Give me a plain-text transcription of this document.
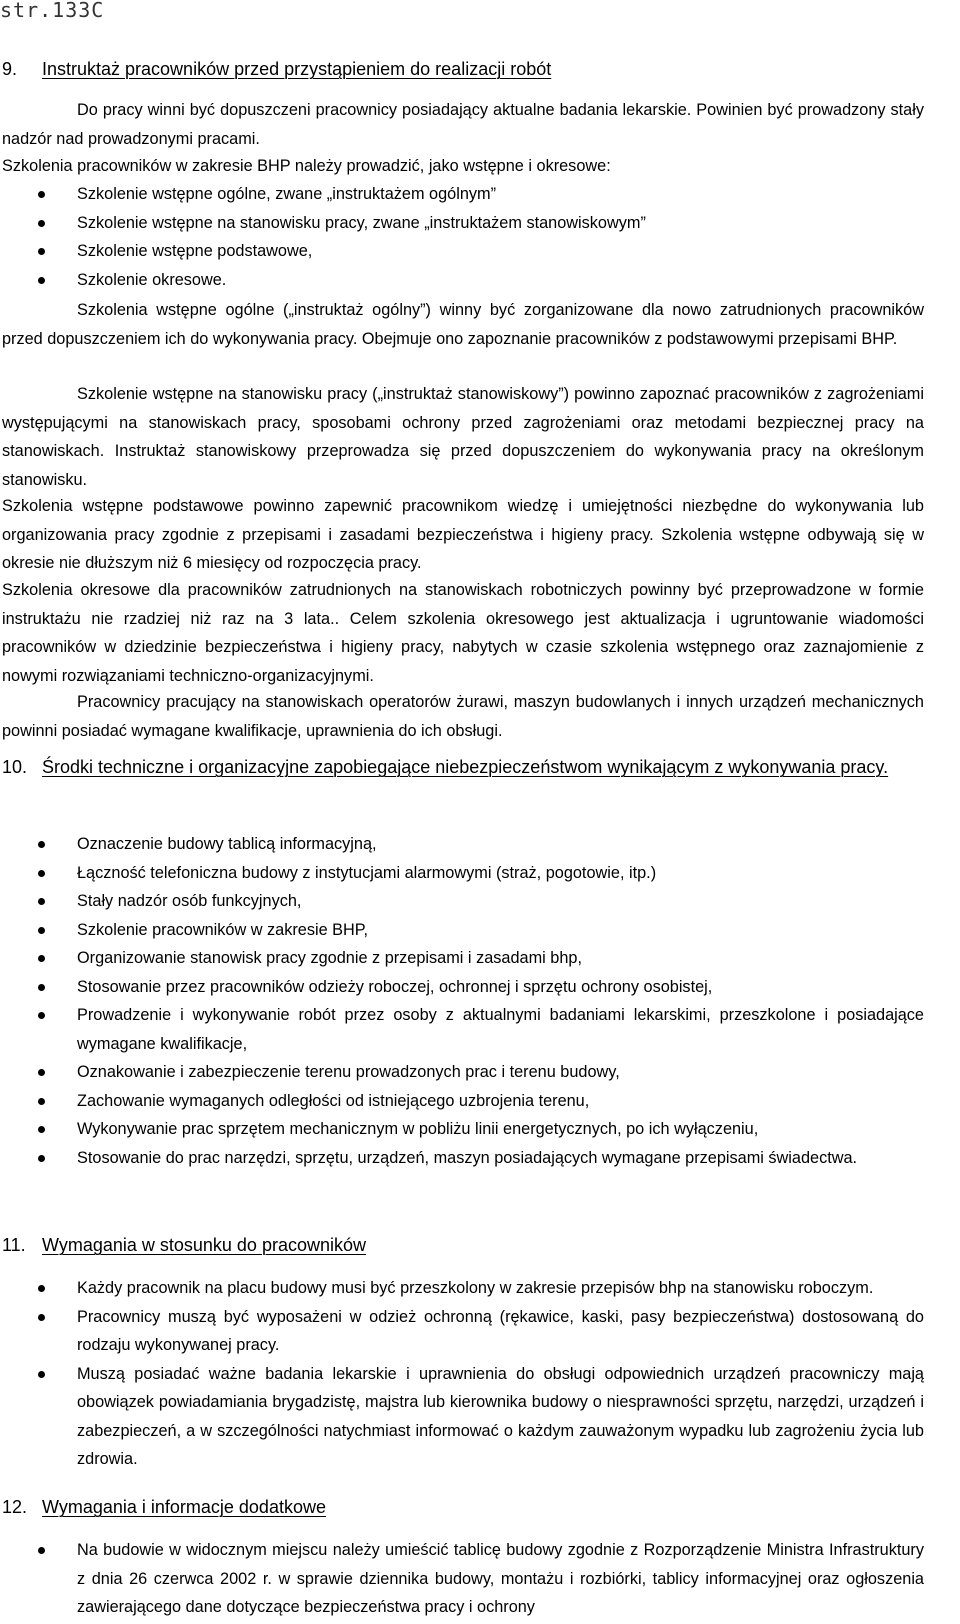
str.133C
9.	Instruktaż pracowników przed przystąpieniem do realizacji robót
Do pracy winni być dopuszczeni pracownicy posiadający aktualne badania lekarskie. Powinien być prowadzony stały nadzór nad prowadzonymi pracami.
Szkolenia pracowników w zakresie BHP należy prowadzić, jako wstępne i okresowe:
Szkolenie wstępne ogólne, zwane „instruktażem ogólnym”
Szkolenie wstępne na stanowisku pracy, zwane „instruktażem stanowiskowym”
Szkolenie wstępne podstawowe,
Szkolenie okresowe.
Szkolenia wstępne ogólne („instruktaż ogólny”) winny być zorganizowane dla nowo zatrudnionych pracowników przed dopuszczeniem ich do wykonywania pracy. Obejmuje ono zapoznanie pracowników z podstawowymi przepisami BHP.
Szkolenie wstępne na stanowisku pracy („instruktaż stanowiskowy”) powinno zapoznać pracowników z zagrożeniami występującymi na stanowiskach pracy, sposobami ochrony przed zagrożeniami oraz metodami bezpiecznej pracy na stanowiskach. Instruktaż stanowiskowy przeprowadza się przed dopuszczeniem do wykonywania pracy na określonym stanowisku.
Szkolenia wstępne podstawowe powinno zapewnić pracownikom wiedzę i umiejętności niezbędne do wykonywania lub organizowania pracy zgodnie z przepisami i zasadami bezpieczeństwa i higieny pracy. Szkolenia wstępne odbywają się w okresie nie dłuższym niż 6 miesięcy od rozpoczęcia pracy.
Szkolenia okresowe dla pracowników zatrudnionych na stanowiskach robotniczych powinny być przeprowadzone w formie instruktażu nie rzadziej niż raz na 3 lata.. Celem szkolenia okresowego jest aktualizacja i ugruntowanie wiadomości pracowników w dziedzinie bezpieczeństwa i higieny pracy, nabytych w czasie szkolenia wstępnego oraz zaznajomienie z nowymi rozwiązaniami techniczno-organizacyjnymi.
Pracownicy pracujący na stanowiskach operatorów żurawi, maszyn budowlanych i innych urządzeń mechanicznych powinni posiadać wymagane kwalifikacje, uprawnienia do ich obsługi.
10. Środki techniczne i organizacyjne zapobiegające niebezpieczeństwom wynikającym z wykonywania pracy.
Oznaczenie budowy tablicą informacyjną,
Łączność telefoniczna budowy z instytucjami alarmowymi (straż, pogotowie, itp.)
Stały nadzór osób funkcyjnych,
Szkolenie pracowników w zakresie BHP,
Organizowanie stanowisk pracy zgodnie z przepisami i zasadami bhp,
Stosowanie przez pracowników odzieży roboczej, ochronnej i sprzętu ochrony osobistej,
Prowadzenie i wykonywanie robót przez osoby z aktualnymi badaniami lekarskimi, przeszkolone i posiadające wymagane kwalifikacje,
Oznakowanie i zabezpieczenie terenu prowadzonych prac i terenu budowy,
Zachowanie wymaganych odległości od istniejącego uzbrojenia terenu,
Wykonywanie prac sprzętem mechanicznym w pobliżu linii energetycznych, po ich wyłączeniu,
Stosowanie do prac narzędzi, sprzętu, urządzeń, maszyn posiadających wymagane przepisami świadectwa.
11. Wymagania w stosunku do pracowników
Każdy pracownik na placu budowy musi być przeszkolony w zakresie przepisów bhp na stanowisku roboczym.
Pracownicy muszą być wyposażeni w odzież ochronną (rękawice, kaski, pasy bezpieczeństwa) dostosowaną do rodzaju wykonywanej pracy.
Muszą posiadać ważne badania lekarskie i uprawnienia do obsługi odpowiednich urządzeń pracowniczy mają obowiązek powiadamiania brygadzistę, majstra lub kierownika budowy o niesprawności sprzętu, narzędzi, urządzeń i zabezpieczeń, a w szczególności natychmiast informować o każdym zauważonym wypadku lub zagrożeniu życia lub zdrowia.
12. Wymagania i informacje dodatkowe
Na budowie w widocznym miejscu należy umieścić tablicę budowy zgodnie z Rozporządzenie Ministra Infrastruktury z dnia 26 czerwca 2002 r. w sprawie dziennika budowy, montażu i rozbiórki, tablicy informacyjnej oraz ogłoszenia zawierającego dane dotyczące bezpieczeństwa pracy i ochrony
